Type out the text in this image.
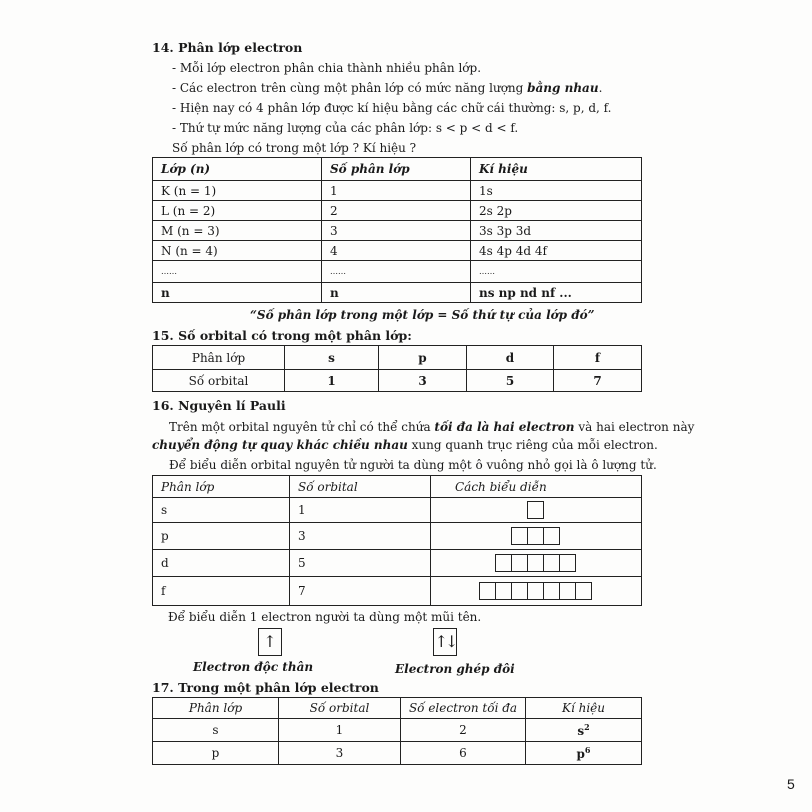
14. Phân lớp electron
- Mỗi lớp electron phân chia thành nhiều phân lớp.
- Các electron trên cùng một phân lớp có mức năng lượng bằng nhau.
- Hiện nay có 4 phân lớp được kí hiệu bằng các chữ cái thường: s, p, d, f.
- Thứ tự mức năng lượng của các phân lớp: s < p < d < f.
Số phân lớp có trong một lớp ? Kí hiệu ?
Lớp (n)	Số phân lớp	Kí hiệu
K (n = 1)	1	1s
L (n = 2)	2	2s 2p
M (n = 3)	3	3s 3p 3d
N (n = 4)	4	4s 4p 4d 4f
……	……	……
n	n	ns np nd nf ...
“Số phân lớp trong một lớp = Số thứ tự của lớp đó”
15. Số orbital có trong một phân lớp:
Phân lớp	s	p	d	f
Số orbital	1	3	5	7
16. Nguyên lí Pauli
Trên một orbital nguyên tử chỉ có thể chứa tối đa là hai electron và hai electron này
chuyển động tự quay khác chiều nhau xung quanh trục riêng của mỗi electron.
Để biểu diễn orbital nguyên tử người ta dùng một ô vuông nhỏ gọi là ô lượng tử.
Phân lớp	Số orbital	Cách biểu diễn
s	1	

p	3	

d	5	

f	7	
Để biểu diễn 1 electron người ta dùng một mũi tên.
↑	↑↓
Electron độc thân	Electron ghép đôi
17. Trong một phân lớp electron
Phân lớp	Số orbital	Số electron tối đa	Kí hiệu
s	1	2	$s^2$
p	3	6	$p^6$
5
